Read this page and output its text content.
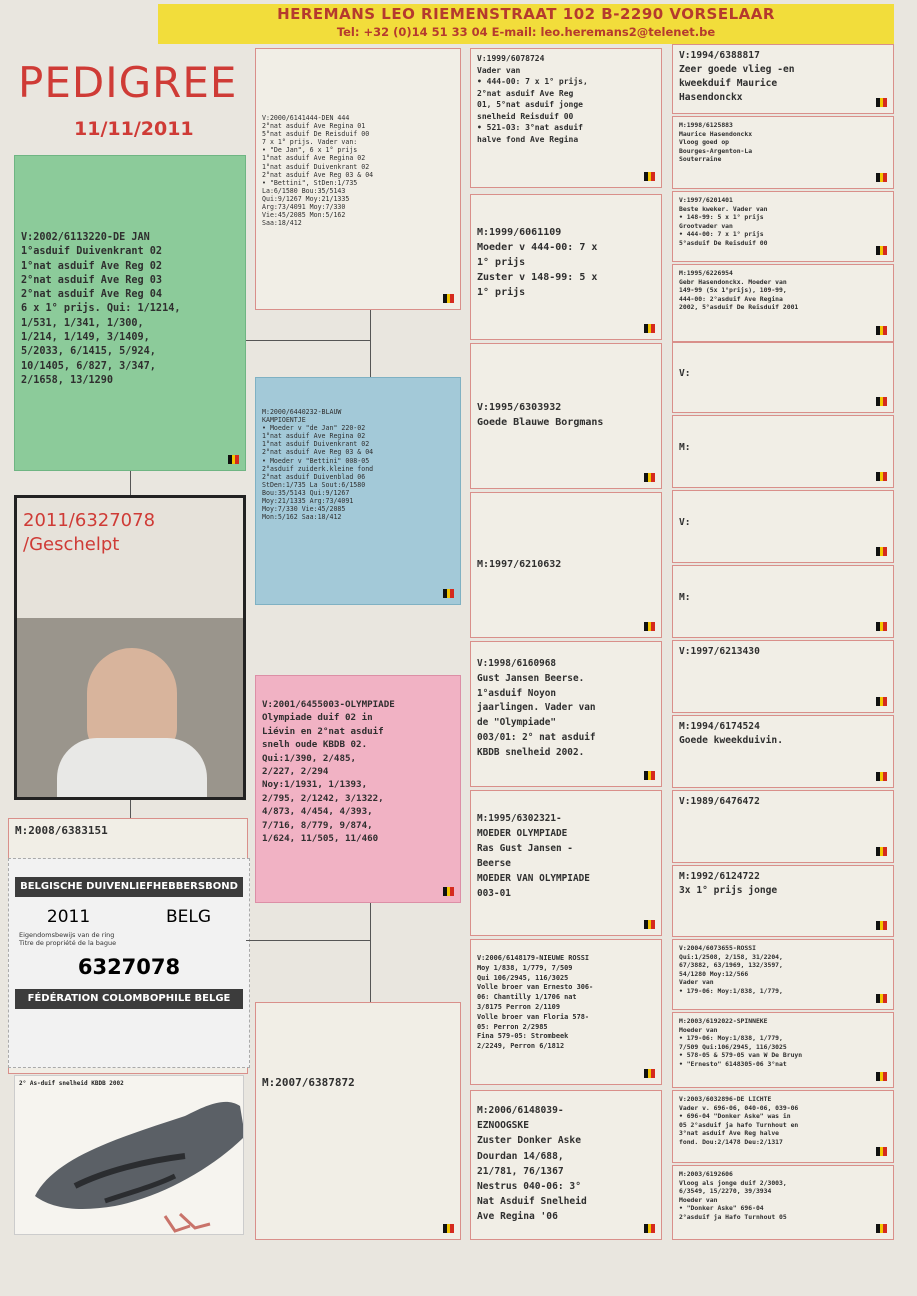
HEREMANS LEO RIEMENSTRAAT 102 B-2290 VORSELAAR
Tel: +32 (0)14 51 33 04 E-mail: leo.heremans2@telenet.be
PEDIGREE
11/11/2011
V:2002/6113220-DE JAN
1°asduif Duivenkrant 02
1°nat asduif Ave Reg 02
2°nat asduif Ave Reg 03
2°nat asduif Ave Reg 04
6 x 1° prijs. Qui: 1/1214,
1/531, 1/341, 1/300,
1/214, 1/149, 3/1409,
5/2033, 6/1415, 5/924,
10/1405, 6/827, 3/347,
2/1658, 13/1290
2011/6327078
/Geschelpt
M:2008/6383151
BELGISCHE DUIVENLIEFHEBBERSBOND
2011	BELG
Eigendomsbewijs van de ring
Titre de propriété de la bague
6327078
FÉDÉRATION COLOMBOPHILE BELGE
2° As-duif snelheid KBDB 2002
V:2000/6141444-DEN 444
2°nat asduif Ave Regina 01
5°nat asduif De Reisduif 00
7 x 1° prijs. Vader van:
• "De Jan", 6 x 1° prijs
1°nat asduif Ave Regina 02
1°nat asduif Duivenkrant 02
2°nat asduif Ave Reg 03 & 04
• "Bettini", StDen:1/735
La:6/1580 Bou:35/5143
Qui:9/1267 Moy:21/1335
Arg:73/4091 Moy:7/330
Vie:45/2085 Mon:5/162
Saa:18/412
M:2000/6440232-BLAUW
KAMPIOENTJE
• Moeder v "de Jan" 220-02
1°nat asduif Ave Regina 02
1°nat asduif Duivenkrant 02
2°nat asduif Ave Reg 03 & 04
• Moeder v "Bettini" 008-05
2°asduif zuiderk.kleine fond
2°nat asduif Duivenblad 06
StDen:1/735 La Sout:6/1580
Bou:35/5143 Qui:9/1267
Moy:21/1335 Arg:73/4091
Moy:7/330 Vie:45/2085
Mon:5/162 Saa:18/412
V:2001/6455003-OLYMPIADE
Olympiade duif 02 in
Liévin en 2°nat asduif
snelh oude KBDB 02.
Qui:1/390, 2/485,
2/227, 2/294
Noy:1/1931, 1/1393,
2/795, 2/1242, 3/1322,
4/873, 4/454, 4/393,
7/716, 8/779, 9/874,
1/624, 11/505, 11/460
M:2007/6387872
V:1999/6078724
Vader van
• 444-00: 7 x 1° prijs,
2°nat asduif Ave Reg
01, 5°nat asduif jonge
snelheid Reisduif 00
• 521-03: 3°nat asduif
halve fond Ave Regina
M:1999/6061109
Moeder v 444-00: 7 x
1° prijs
Zuster v 148-99: 5 x
1° prijs
V:1995/6303932
Goede Blauwe Borgmans
M:1997/6210632
V:1998/6160968
Gust Jansen Beerse.
1°asduif Noyon
jaarlingen. Vader van
de "Olympiade"
003/01: 2° nat asduif
KBDB snelheid 2002.
M:1995/6302321-
MOEDER OLYMPIADE
Ras Gust Jansen -
Beerse
MOEDER VAN OLYMPIADE
003-01
V:2006/6148179-NIEUWE ROSSI
Moy 1/838, 1/779, 7/509
Qui 106/2945, 116/3025
Volle broer van Ernesto 306-
06: Chantilly 1/1706 nat
3/8175 Perron 2/1109
Volle broer van Floria 578-
05: Perron 2/2985
Fina 579-05: Strombeek
2/2249, Perron 6/1812
M:2006/6148039-
EZNOOGSKE
Zuster Donker Aske
Dourdan 14/688,
21/781, 76/1367
Nestrus 040-06: 3°
Nat Asduif Snelheid
Ave Regina '06
V:1994/6388817
Zeer goede vlieg -en
kweekduif Maurice
Hasendonckx
M:1998/6125883
Maurice Hasendonckx
Vloog goed op
Bourges-Argenton-La
Souterraine
V:1997/6201401
Beste kweker. Vader van
• 148-99: 5 x 1° prijs
Grootvader van
• 444-00: 7 x 1° prijs
5°asduif De Reisduif 00
M:1995/6226954
Gebr Hasendonckx. Moeder van
149-99 (5x 1°prijs), 109-99,
444-00: 2°asduif Ave Regina
2002, 5°asduif De Reisduif 2001
V:
M:
V:
M:
V:1997/6213430
M:1994/6174524
Goede kweekduivin.
V:1989/6476472
M:1992/6124722
3x 1° prijs jonge
V:2004/6073655-ROSSI
Qui:1/2508, 2/158, 31/2204,
67/3882, 63/1969, 132/3597,
54/1280 Moy:12/566
Vader van
• 179-06: Moy:1/838, 1/779,
M:2003/6192022-SPINNEKE
Moeder van
• 179-06: Moy:1/838, 1/779,
7/509 Qui:106/2945, 116/3025
• 578-05 & 579-05 van W De Bruyn
• "Ernesto" 6148305-06 3°nat
V:2003/6032896-DE LICHTE
Vader v. 696-06, 040-06, 039-06
• 696-04 "Donker Aske" was in
05 2°asduif ja hafo Turnhout en
3°nat asduif Ave Reg halve
fond. Dou:2/1478 Deu:2/1317
M:2003/6192606
Vloog als jonge duif 2/3003,
6/3549, 15/2270, 39/3934
Moeder van
• "Donker Aske" 696-04
2°asduif ja Hafo Turnhout 05
